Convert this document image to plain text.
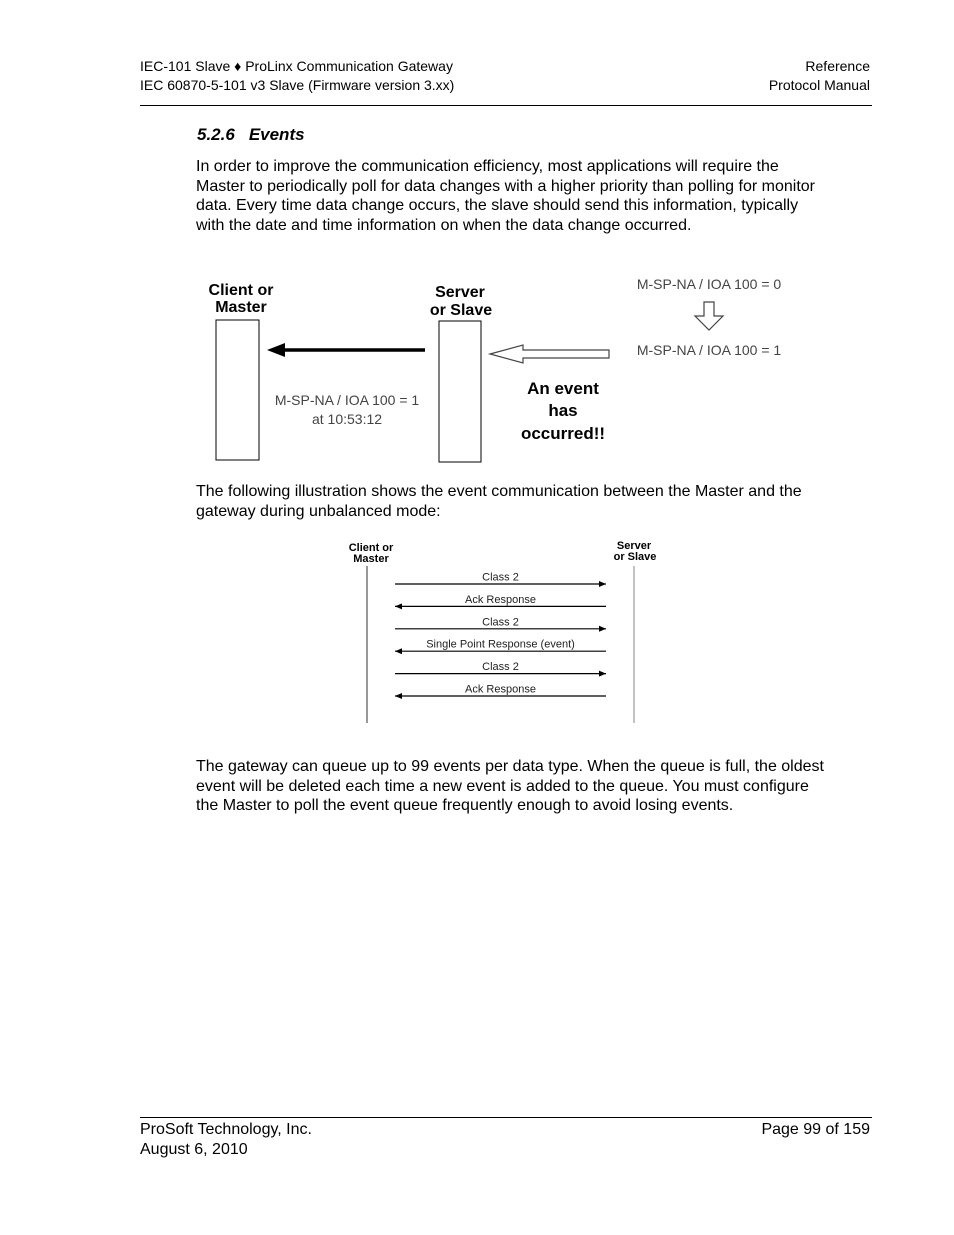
IEC-101 Slave ♦ ProLinx Communication Gateway
IEC 60870-5-101 v3 Slave (Firmware version 3.xx)
Reference
Protocol Manual
5.2.6 Events

In order to improve the communication efficiency, most applications will require the Master to periodically poll for data changes with a higher priority than polling for monitor data. Every time data change occurs, the slave should send this information, typically with the date and time information on when the data change occurred.

Client or
Master
Server
or Slave
M-SP-NA / IOA 100 = 1
at 10:53:12
An event
has
occurred!!
M-SP-NA / IOA 100 = 0
M-SP-NA / IOA 100 = 1

The following illustration shows the event communication between the Master and the gateway during unbalanced mode:

Client or
Master
Server
or Slave
Class 2
Ack Response
Class 2
Single Point Response (event)
Class 2
Ack Response

The gateway can queue up to 99 events per data type. When the queue is full, the oldest event will be deleted each time a new event is added to the queue. You must configure the Master to poll the event queue frequently enough to avoid losing events.

ProSoft Technology, Inc.
August 6, 2010
Page 99 of 159
